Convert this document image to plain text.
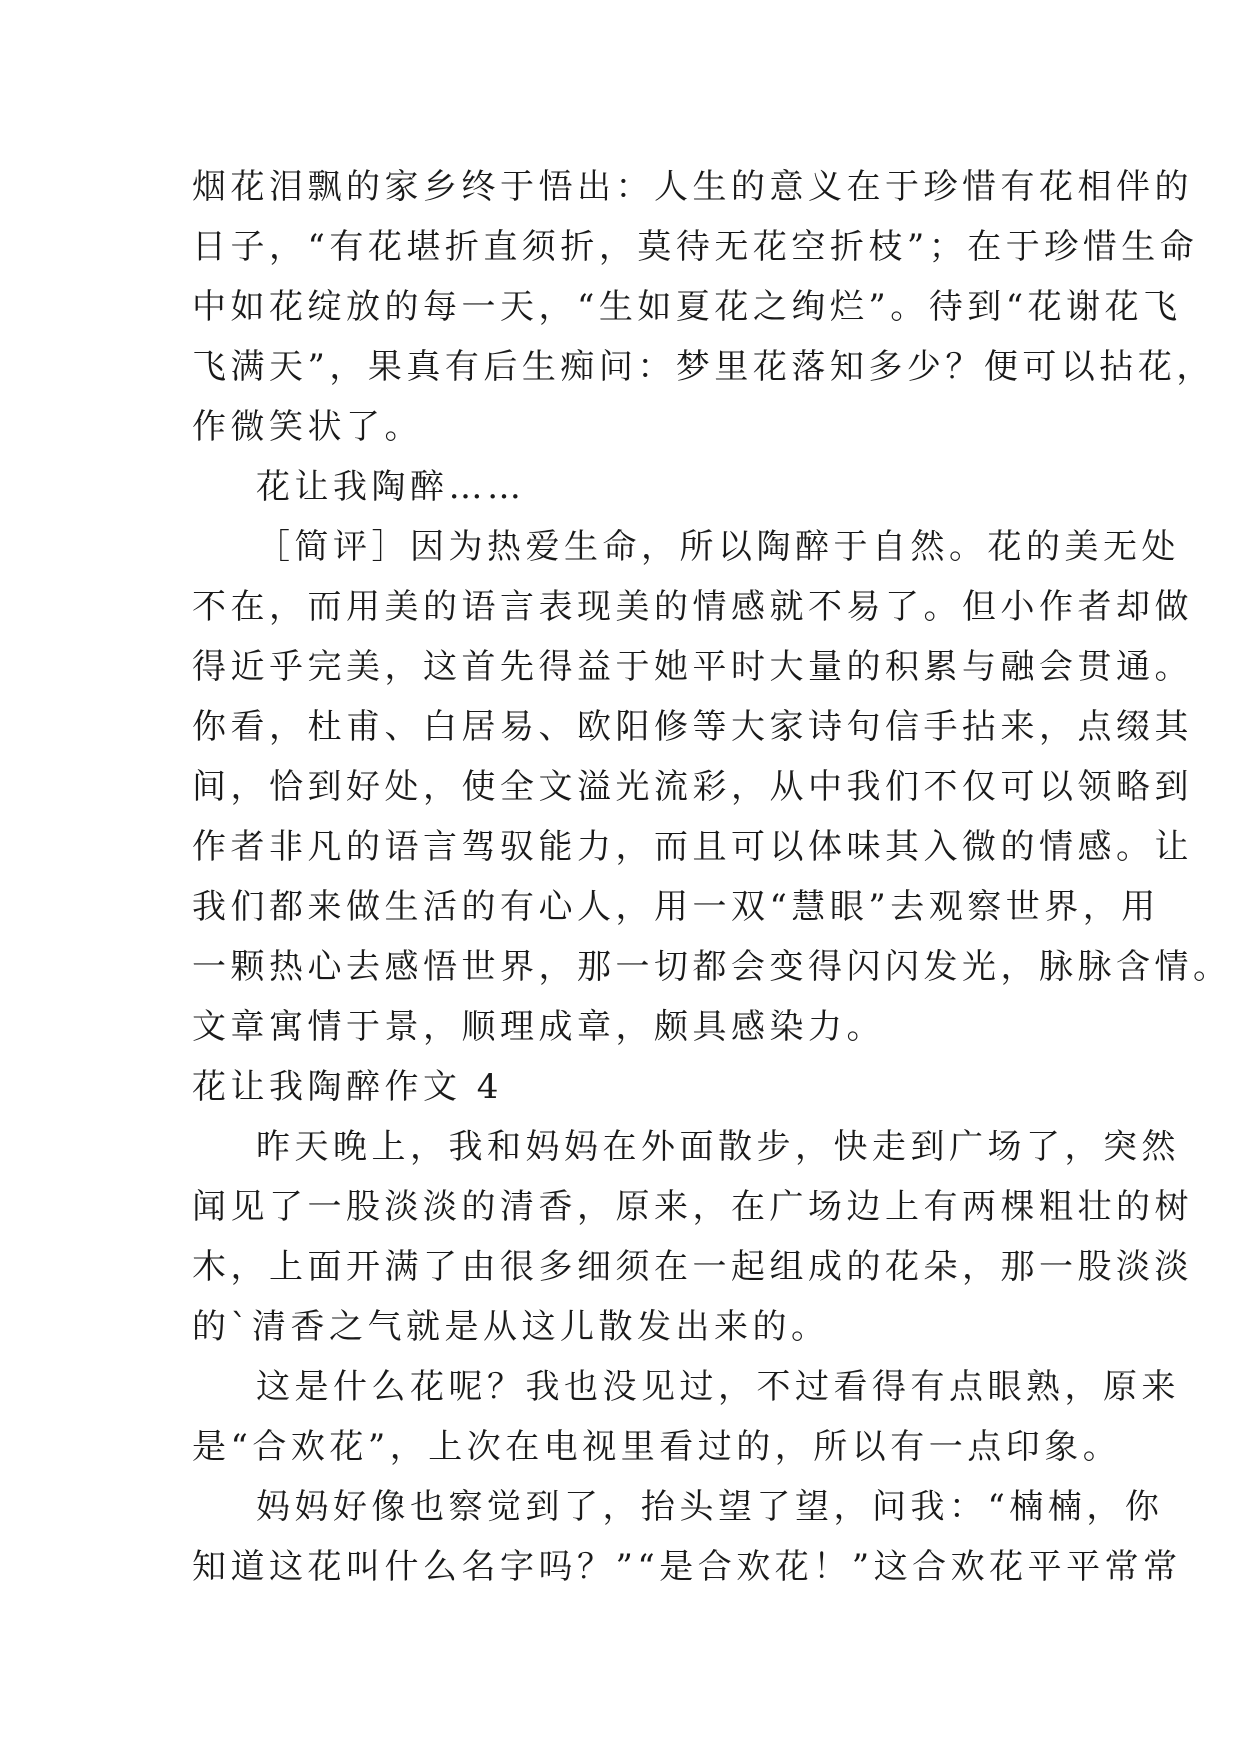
烟花泪飘的家乡终于悟出：人生的意义在于珍惜有花相伴的
日子，“有花堪折直须折，莫待无花空折枝”；在于珍惜生命
中如花绽放的每一天，“生如夏花之绚烂”。待到“花谢花飞
飞满天”，果真有后生痴问：梦里花落知多少？便可以拈花，
作微笑状了。
花让我陶醉……
［简评］因为热爱生命，所以陶醉于自然。花的美无处
不在，而用美的语言表现美的情感就不易了。但小作者却做
得近乎完美，这首先得益于她平时大量的积累与融会贯通。
你看，杜甫、白居易、欧阳修等大家诗句信手拈来，点缀其
间，恰到好处，使全文溢光流彩，从中我们不仅可以领略到
作者非凡的语言驾驭能力，而且可以体味其入微的情感。让
我们都来做生活的有心人，用一双“慧眼”去观察世界，用
一颗热心去感悟世界，那一切都会变得闪闪发光，脉脉含情。
文章寓情于景，顺理成章，颇具感染力。
花让我陶醉作文 4
昨天晚上，我和妈妈在外面散步，快走到广场了，突然
闻见了一股淡淡的清香，原来，在广场边上有两棵粗壮的树
木，上面开满了由很多细须在一起组成的花朵，那一股淡淡
的`清香之气就是从这儿散发出来的。
这是什么花呢？我也没见过，不过看得有点眼熟，原来
是“合欢花”，上次在电视里看过的，所以有一点印象。
妈妈好像也察觉到了，抬头望了望，问我：“楠楠，你
知道这花叫什么名字吗？”“是合欢花！”这合欢花平平常常
